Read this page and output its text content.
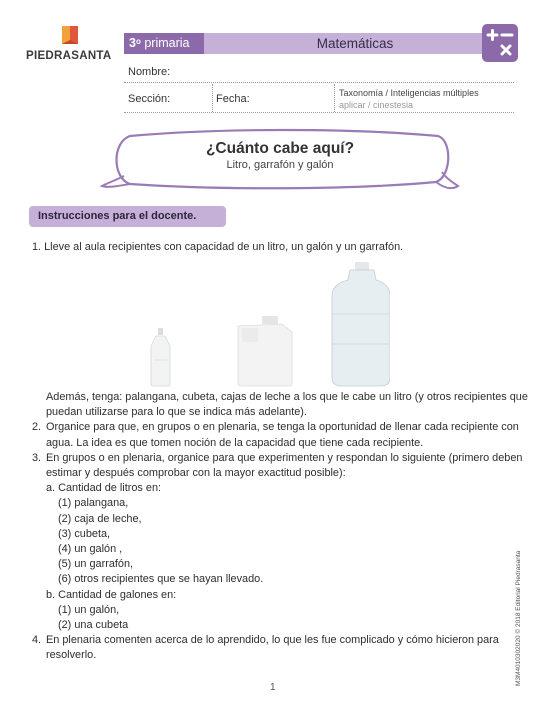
PIEDRASANTA
3$^o$ primaria	Matemáticas
Nombre:
Sección:	Fecha:	Taxonomía / Inteligencias múltiples
aplicar / cinestesia
¿Cuánto cabe aquí?
Litro, garrafón y galón
Instrucciones para el docente.
1. Lleve al aula recipientes con capacidad de un litro, un galón y un garrafón.
Además, tenga: palangana, cubeta, cajas de leche a los que le cabe un litro (y otros recipientes que
puedan utilizarse para lo que se indica más adelante).
2. Organice para que, en grupos o en plenaria, se tenga la oportunidad de llenar cada recipiente con
agua. La idea es que tomen noción de la capacidad que tiene cada recipiente.
3. En grupos o en plenaria, organice para que experimenten y respondan lo siguiente (primero deben
estimar y después comprobar con la mayor exactitud posible):
a. Cantidad de litros en:
(1) palangana,
(2) caja de leche,
(3) cubeta,
(4) un galón ,
(5) un garrafón,
(6) otros recipientes que se hayan llevado.
b. Cantidad de galones en:
(1) un galón,
(2) una cubeta
4. En plenaria comenten acerca de lo aprendido, lo que les fue complicado y cómo hicieron para
resolverlo.
1
M3M4010302020 © 2018 Editorial Piedrasanta
